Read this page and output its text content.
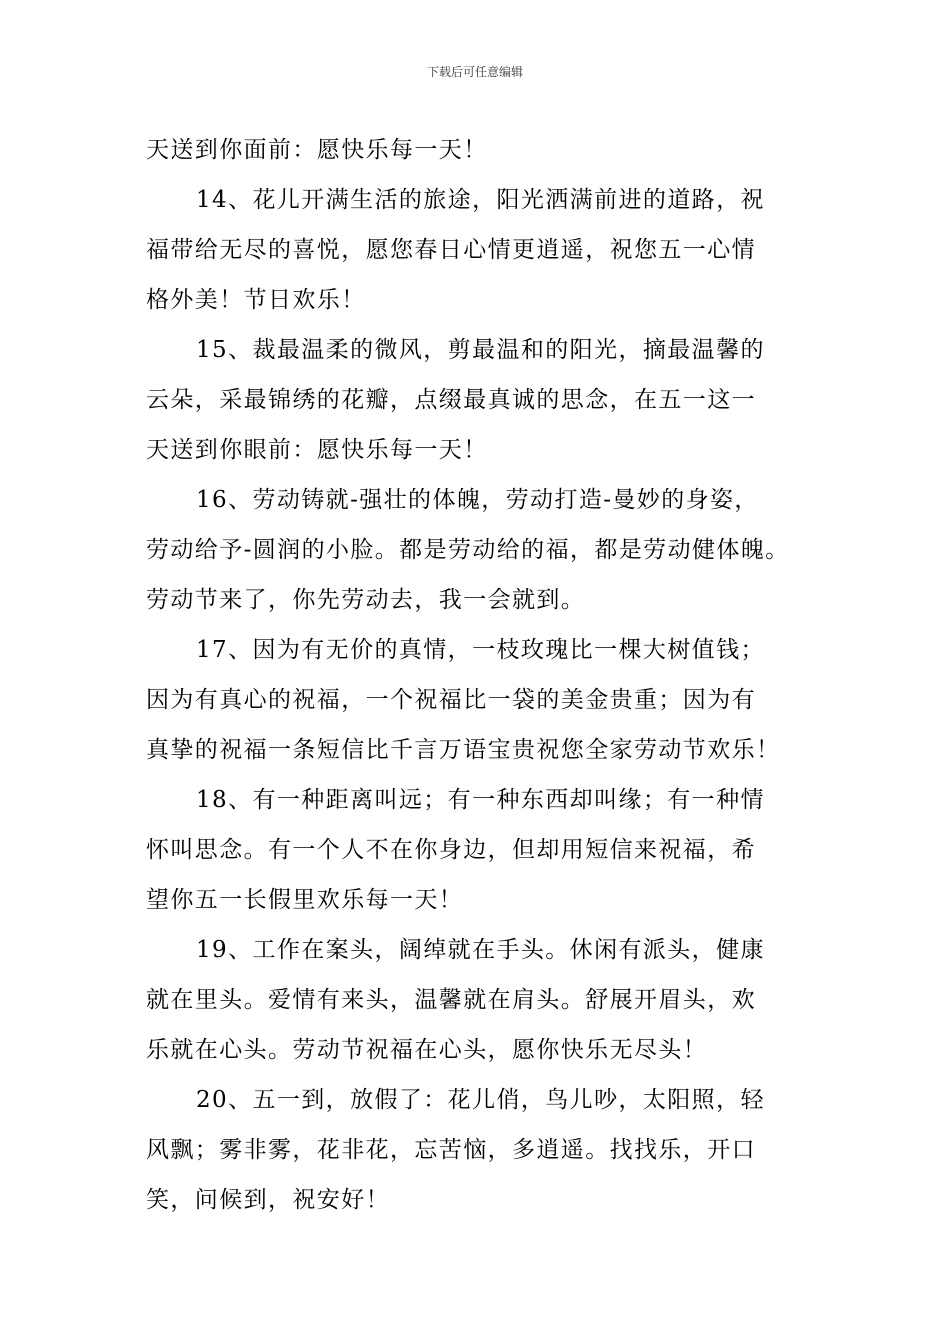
下载后可任意编辑

天送到你面前：愿快乐每一天！

14、花儿开满生活的旅途，阳光洒满前进的道路，祝
福带给无尽的喜悦，愿您春日心情更逍遥，祝您五一心情
格外美！节日欢乐！

15、裁最温柔的微风，剪最温和的阳光，摘最温馨的
云朵，采最锦绣的花瓣，点缀最真诚的思念，在五一这一
天送到你眼前：愿快乐每一天！

16、劳动铸就-强壮的体魄，劳动打造-曼妙的身姿，
劳动给予-圆润的小脸。都是劳动给的福，都是劳动健体魄。
劳动节来了，你先劳动去，我一会就到。

17、因为有无价的真情，一枝玫瑰比一棵大树值钱；
因为有真心的祝福，一个祝福比一袋的美金贵重；因为有
真挚的祝福一条短信比千言万语宝贵祝您全家劳动节欢乐！

18、有一种距离叫远；有一种东西却叫缘；有一种情
怀叫思念。有一个人不在你身边，但却用短信来祝福，希
望你五一长假里欢乐每一天！

19、工作在案头，阔绰就在手头。休闲有派头，健康
就在里头。爱情有来头，温馨就在肩头。舒展开眉头，欢
乐就在心头。劳动节祝福在心头，愿你快乐无尽头！

20、五一到，放假了：花儿俏，鸟儿吵，太阳照，轻
风飘；雾非雾，花非花，忘苦恼，多逍遥。找找乐，开口
笑，问候到，祝安好！
